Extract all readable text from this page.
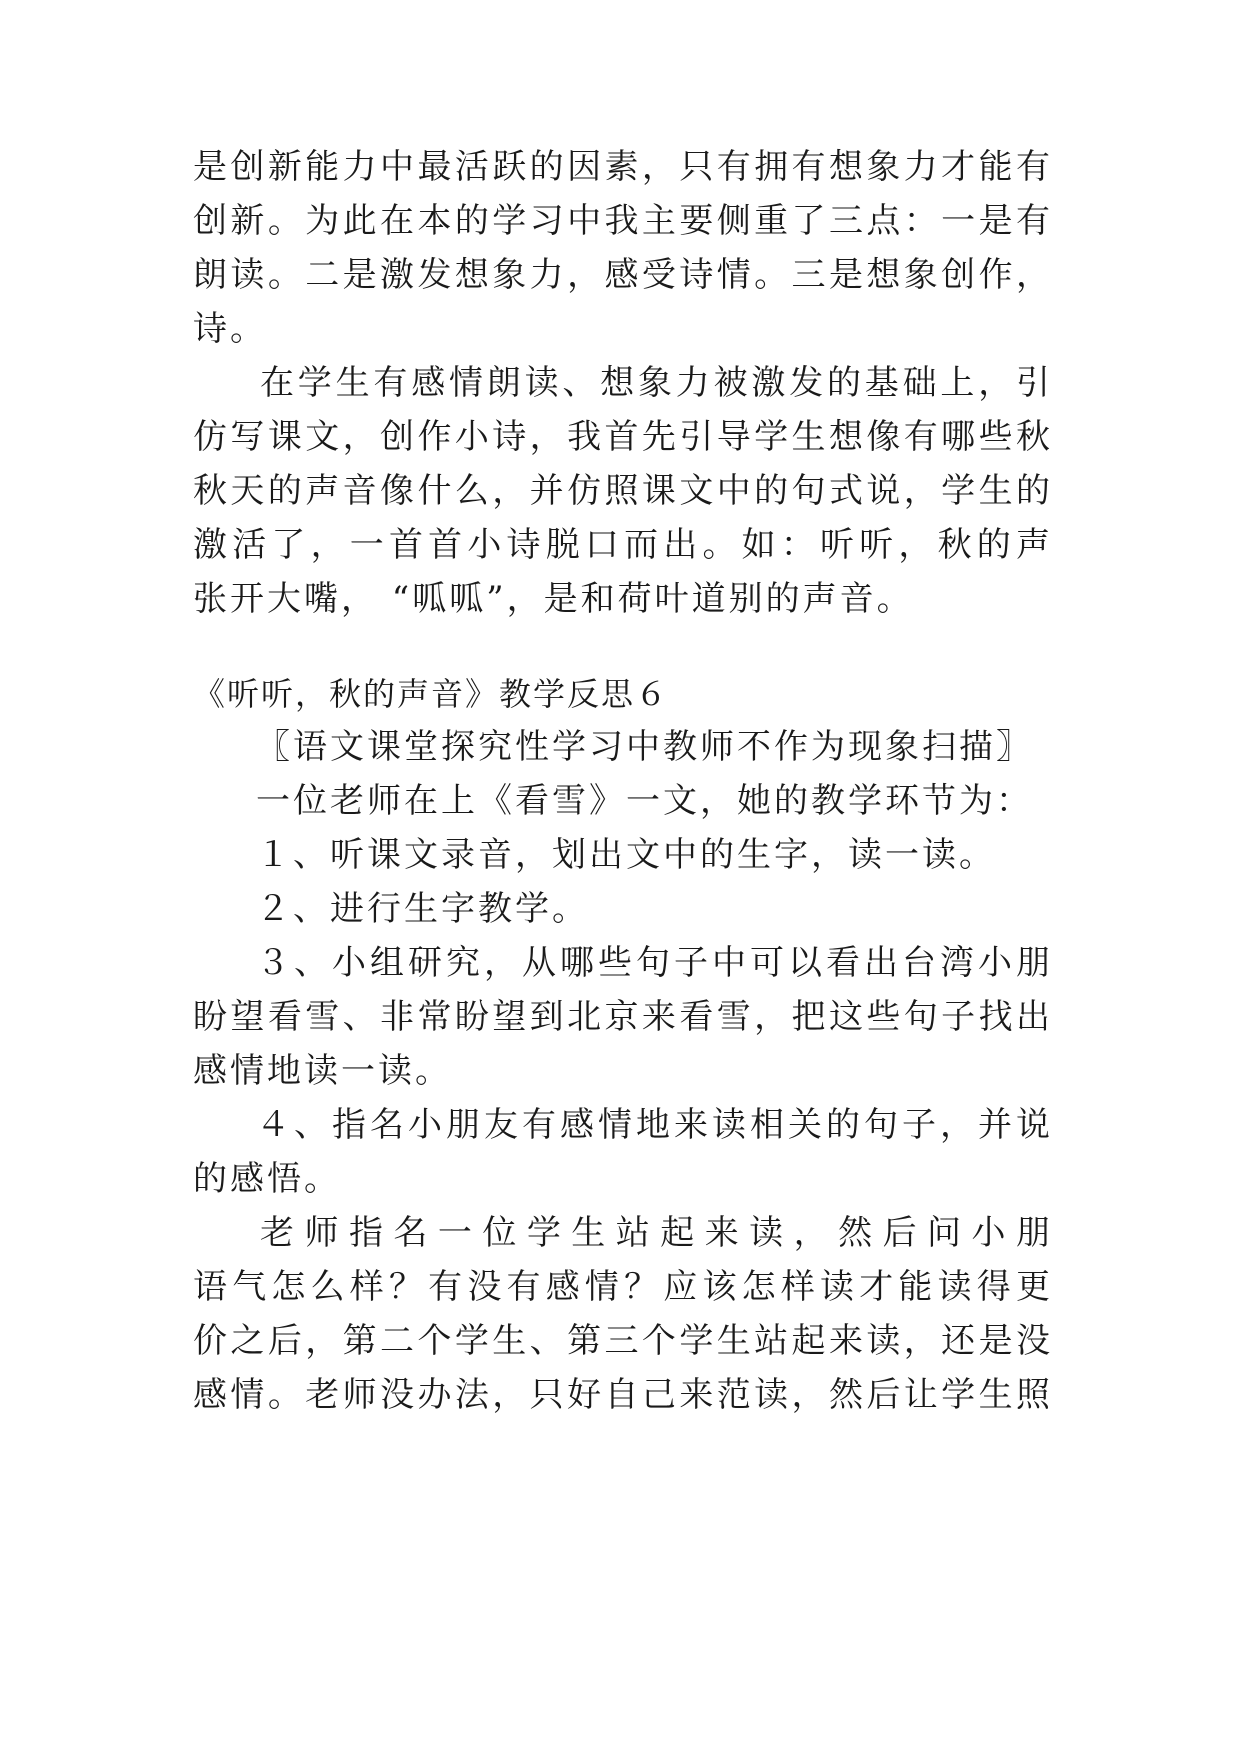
是创新能力中最活跃的因素，只有拥有想象力才能有
创新。为此在本的学习中我主要侧重了三点：一是有
朗读。二是激发想象力，感受诗情。三是想象创作，
诗。
在学生有感情朗读、想象力被激发的基础上，引
仿写课文，创作小诗，我首先引导学生想像有哪些秋
秋天的声音像什么，并仿照课文中的句式说，学生的
激活了，一首首小诗脱口而出。如：听听，秋的声
张开大嘴， “呱呱”，是和荷叶道别的声音。
《听听，秋的声音》教学反思６
〖语文课堂探究性学习中教师不作为现象扫描〗
一位老师在上《看雪》一文，她的教学环节为：
１、听课文录音，划出文中的生字，读一读。
２、进行生字教学。
３、小组研究，从哪些句子中可以看出台湾小朋
盼望看雪、非常盼望到北京来看雪，把这些句子找出
感情地读一读。
４、指名小朋友有感情地来读相关的句子，并说
的感悟。
老师指名一位学生站起来读，然后问小朋
语气怎么样？有没有感情？应该怎样读才能读得更
价之后，第二个学生、第三个学生站起来读，还是没
感情。老师没办法，只好自己来范读，然后让学生照
